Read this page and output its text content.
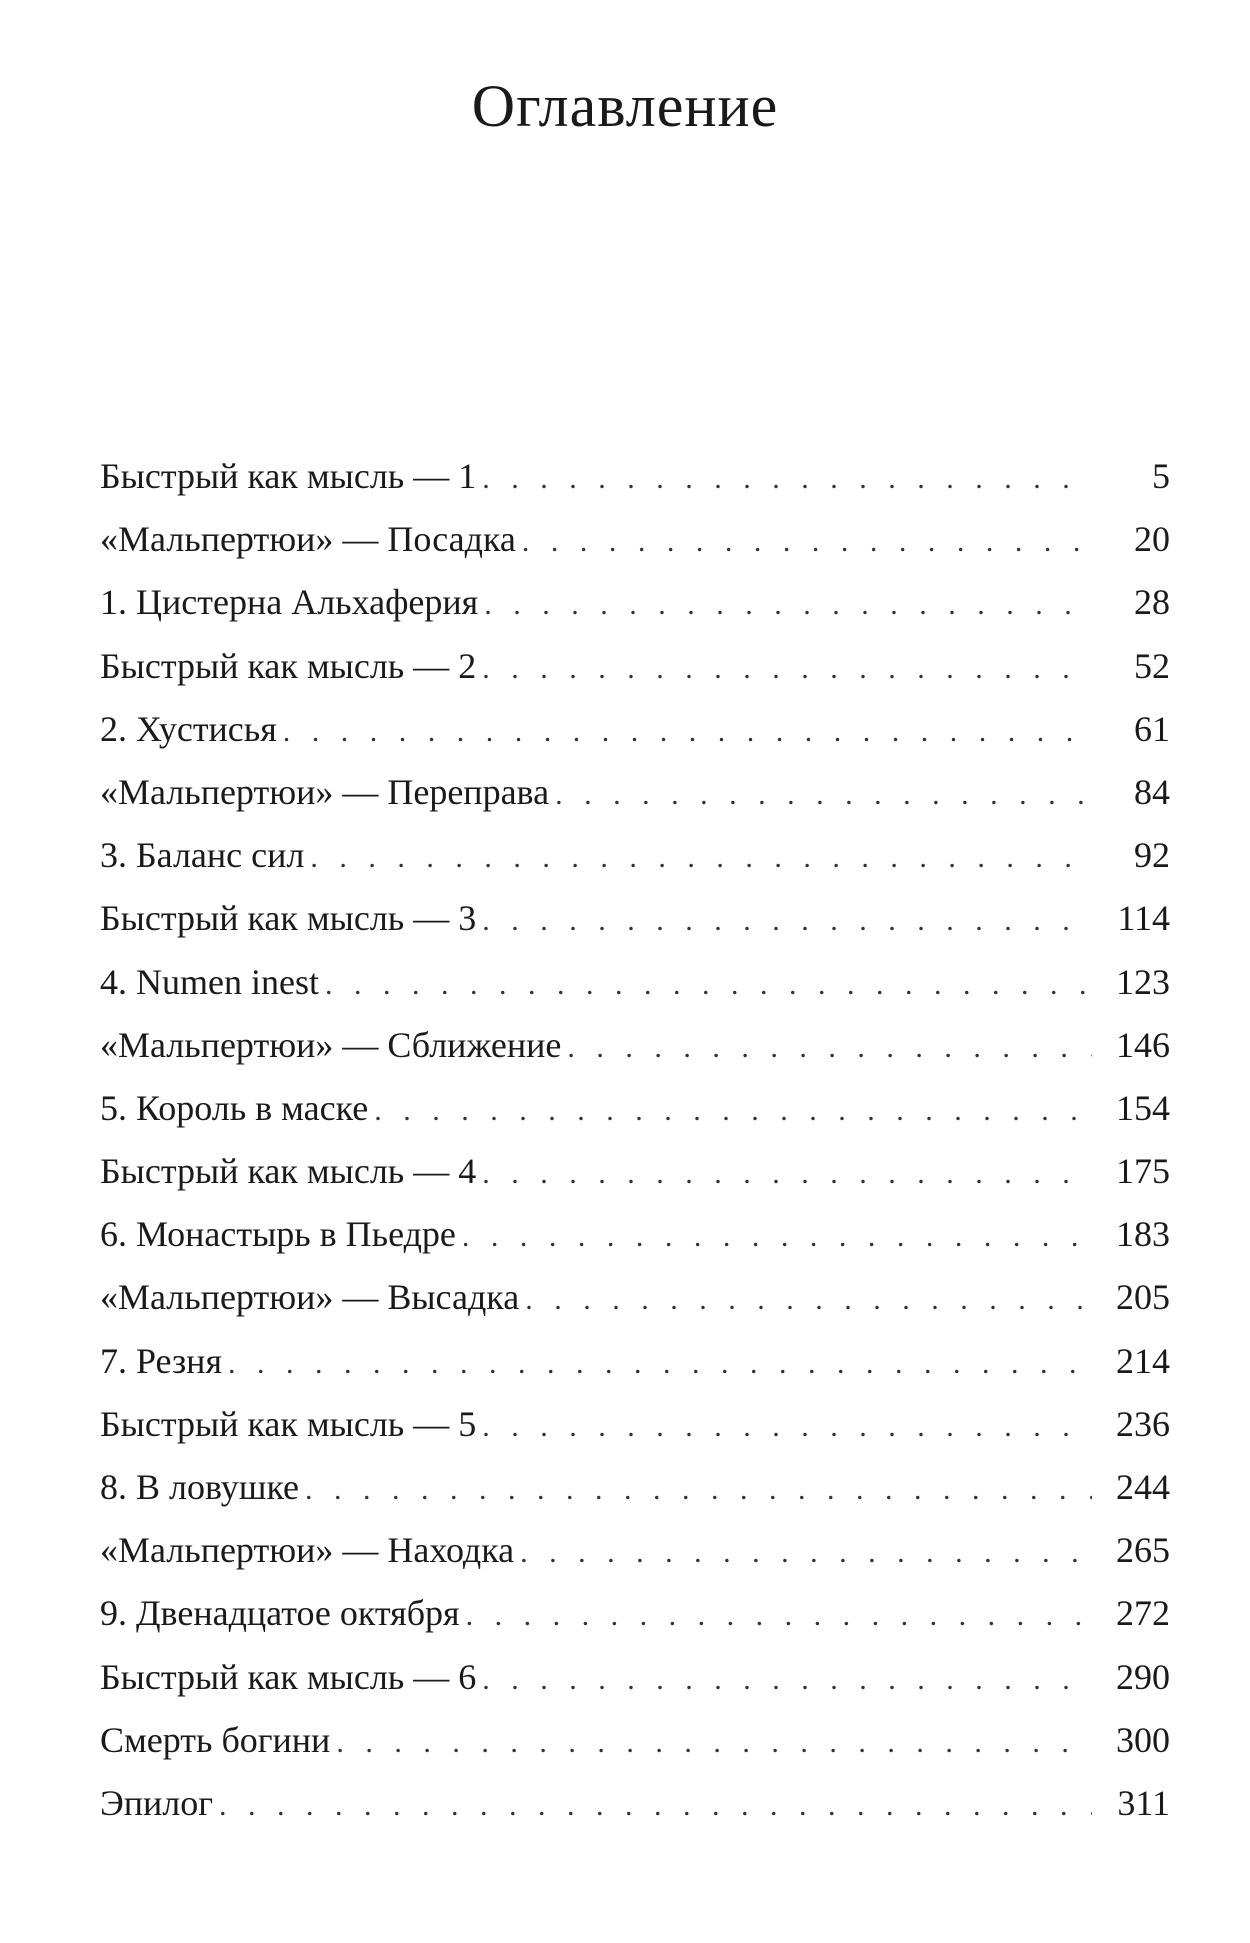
Оглавление
Быстрый как мысль — 1 . . .	5
«Мальпертюи» — Посадка . . .	20
1. Цистерна Альхаферия . . .	28
Быстрый как мысль — 2 . . .	52
2. Хустисья . . .	61
«Мальпертюи» — Переправа . . .	84
3. Баланс сил . . .	92
Быстрый как мысль — 3 . . .	114
4. Numen inest . . .	123
«Мальпертюи» — Сближение . . .	146
5. Король в маске . . .	154
Быстрый как мысль — 4 . . .	175
6. Монастырь в Пьедре . . .	183
«Мальпертюи» — Высадка . . .	205
7. Резня . . .	214
Быстрый как мысль — 5 . . .	236
8. В ловушке . . .	244
«Мальпертюи» — Находка . . .	265
9. Двенадцатое октября . . .	272
Быстрый как мысль — 6 . . .	290
Смерть богини . . .	300
Эпилог . . .	311
